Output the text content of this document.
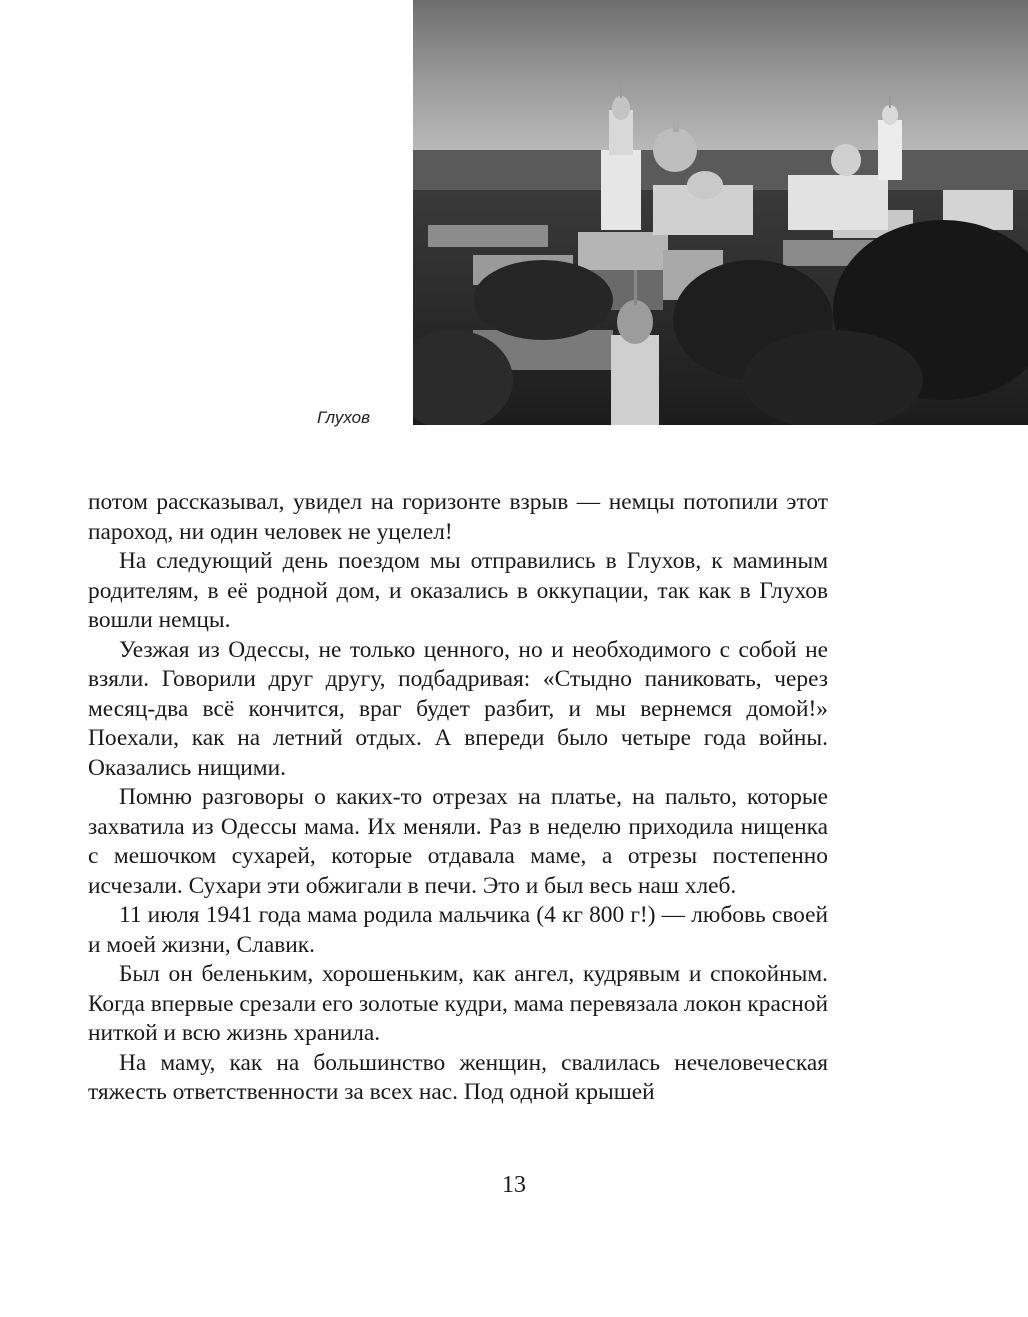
Глухов

потом рассказывал, увидел на горизонте взрыв — немцы потопили этот пароход, ни один человек не уцелел!

На следующий день поездом мы отправились в Глухов, к маминым родителям, в её родной дом, и оказались в оккупации, так как в Глухов вошли немцы.

Уезжая из Одессы, не только ценного, но и необходимого с собой не взяли. Говорили друг другу, подбадривая: «Стыдно паниковать, через месяц-два всё кончится, враг будет разбит, и мы вернемся домой!» Поехали, как на летний отдых. А впереди было четыре года войны. Оказались нищими.

Помню разговоры о каких-то отрезах на платье, на пальто, которые захватила из Одессы мама. Их меняли. Раз в неделю приходила нищенка с мешочком сухарей, которые отдавала маме, а отрезы постепенно исчезали. Сухари эти обжигали в печи. Это и был весь наш хлеб.

11 июля 1941 года мама родила мальчика (4 кг 800 г!) — любовь своей и моей жизни, Славик.

Был он беленьким, хорошеньким, как ангел, кудрявым и спокойным. Когда впервые срезали его золотые кудри, мама перевязала локон красной ниткой и всю жизнь хранила.

На маму, как на большинство женщин, свалилась нечеловеческая тяжесть ответственности за всех нас. Под одной крышей

13
